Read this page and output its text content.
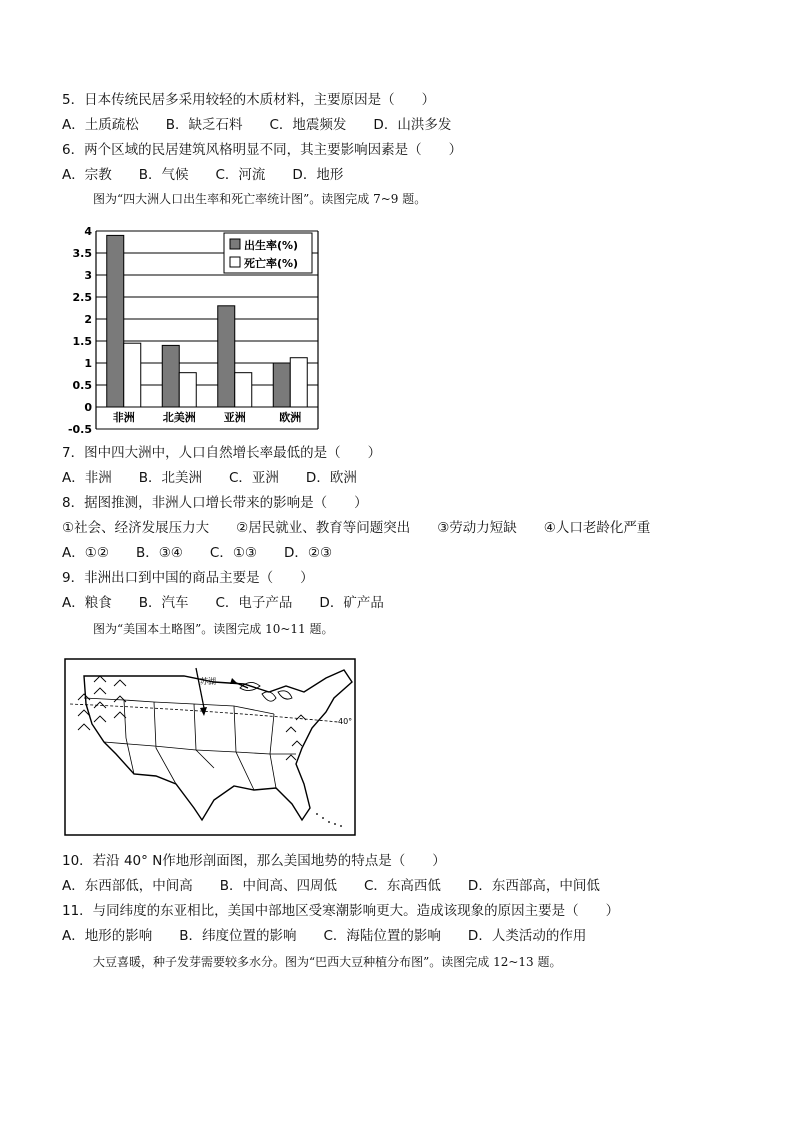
5．日本传统民居多采用较轻的木质材料，主要原因是（　　）
A．土质疏松　　B．缺乏石料　　C．地震频发　　D．山洪多发
6．两个区域的民居建筑风格明显不同，其主要影响因素是（　　）
A．宗教　　B．气候　　C．河流　　D．地形
图为“四大洲人口出生率和死亡率统计图”。读图完成 7~9 题。
4
3.5
3
2.5
2
1.5
1
0.5
0
-0.5
非洲	北美洲	亚洲	欧洲
出生率(%)
死亡率(%)
7．图中四大洲中，人口自然增长率最低的是（　　）
A．非洲　　B．北美洲　　C．亚洲　　D．欧洲
8．据图推测，非洲人口增长带来的影响是（　　）
①社会、经济发展压力大　　②居民就业、教育等问题突出　　③劳动力短缺　　④人口老龄化严重
A．①②　　B．③④　　C．①③　　D．②③
9．非洲出口到中国的商品主要是（　　）
A．粮食　　B．汽车　　C．电子产品　　D．矿产品
图为“美国本土略图”。读图完成 10~11 题。
苏湖
40°
10．若沿 40° N作地形剖面图，那么美国地势的特点是（　　）
A．东西部低，中间高　　B．中间高、四周低　　C．东高西低　　D．东西部高，中间低
11．与同纬度的东亚相比，美国中部地区受寒潮影响更大。造成该现象的原因主要是（　　）
A．地形的影响　　B．纬度位置的影响　　C．海陆位置的影响　　D．人类活动的作用
大豆喜暖，种子发芽需要较多水分。图为“巴西大豆种植分布图”。读图完成 12~13 题。
